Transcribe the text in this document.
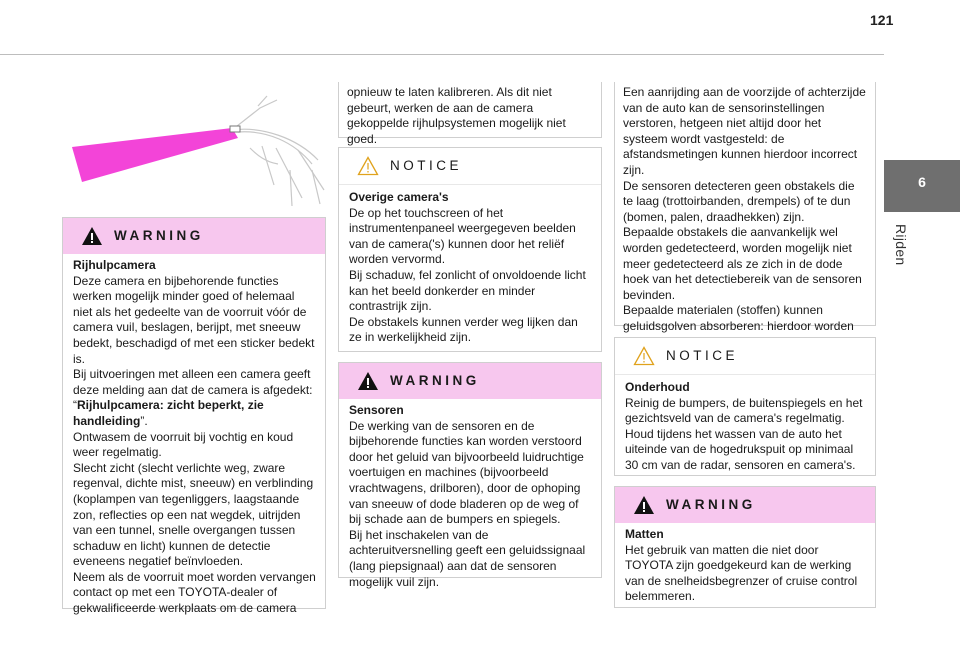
121
6
Rijden
WARNING

Rijhulpcamera

Deze camera en bijbehorende functies werken mogelijk minder goed of helemaal niet als het gedeelte van de voorruit vóór de camera vuil, beslagen, berijpt, met sneeuw bedekt, beschadigd of met een sticker bedekt is.

Bij uitvoeringen met alleen een camera geeft deze melding aan dat de camera is afgedekt: “Rijhulpcamera: zicht beperkt, zie handleiding”.

Ontwasem de voorruit bij vochtig en koud weer regelmatig.

Slecht zicht (slecht verlichte weg, zware regenval, dichte mist, sneeuw) en verblinding (koplampen van tegenliggers, laagstaande zon, reflecties op een nat wegdek, uitrijden van een tunnel, snelle overgangen tussen schaduw en licht) kunnen de detectie eveneens negatief beïnvloeden.

Neem als de voorruit moet worden vervangen contact op met een TOYOTA-dealer of gekwalificeerde werkplaats om de camera

opnieuw te laten kalibreren. Als dit niet gebeurt, werken de aan de camera gekoppelde rijhulpsystemen mogelijk niet goed.

NOTICE

Overige camera's

De op het touchscreen of het instrumentenpaneel weergegeven beelden van de camera('s) kunnen door het reliëf worden vervormd.

Bij schaduw, fel zonlicht of onvoldoende licht kan het beeld donkerder en minder contrastrijk zijn.

De obstakels kunnen verder weg lijken dan ze in werkelijkheid zijn.

WARNING

Sensoren

De werking van de sensoren en de bijbehorende functies kan worden verstoord door het geluid van bijvoorbeeld luidruchtige voertuigen en machines (bijvoorbeeld vrachtwagens, drilboren), door de ophoping van sneeuw of dode bladeren op de weg of bij schade aan de bumpers en spiegels.

Bij het inschakelen van de achteruitversnelling geeft een geluidssignaal (lang piepsignaal) aan dat de sensoren mogelijk vuil zijn.

Een aanrijding aan de voorzijde of achterzijde van de auto kan de sensorinstellingen verstoren, hetgeen niet altijd door het systeem wordt vastgesteld: de afstandsmetingen kunnen hierdoor incorrect zijn.

De sensoren detecteren geen obstakels die te laag (trottoirbanden, drempels) of te dun (bomen, palen, draadhekken) zijn.

Bepaalde obstakels die aanvankelijk wel worden gedetecteerd, worden mogelijk niet meer gedetecteerd als ze zich in de dode hoek van het detectiebereik van de sensoren bevinden.

Bepaalde materialen (stoffen) kunnen geluidsgolven absorberen: hierdoor worden

NOTICE

Onderhoud

Reinig de bumpers, de buitenspiegels en het gezichtsveld van de camera's regelmatig.

Houd tijdens het wassen van de auto het uiteinde van de hogedrukspuit op minimaal 30 cm van de radar, sensoren en camera's.

WARNING

Matten

Het gebruik van matten die niet door TOYOTA zijn goedgekeurd kan de werking van de snelheidsbegrenzer of cruise control belemmeren.
